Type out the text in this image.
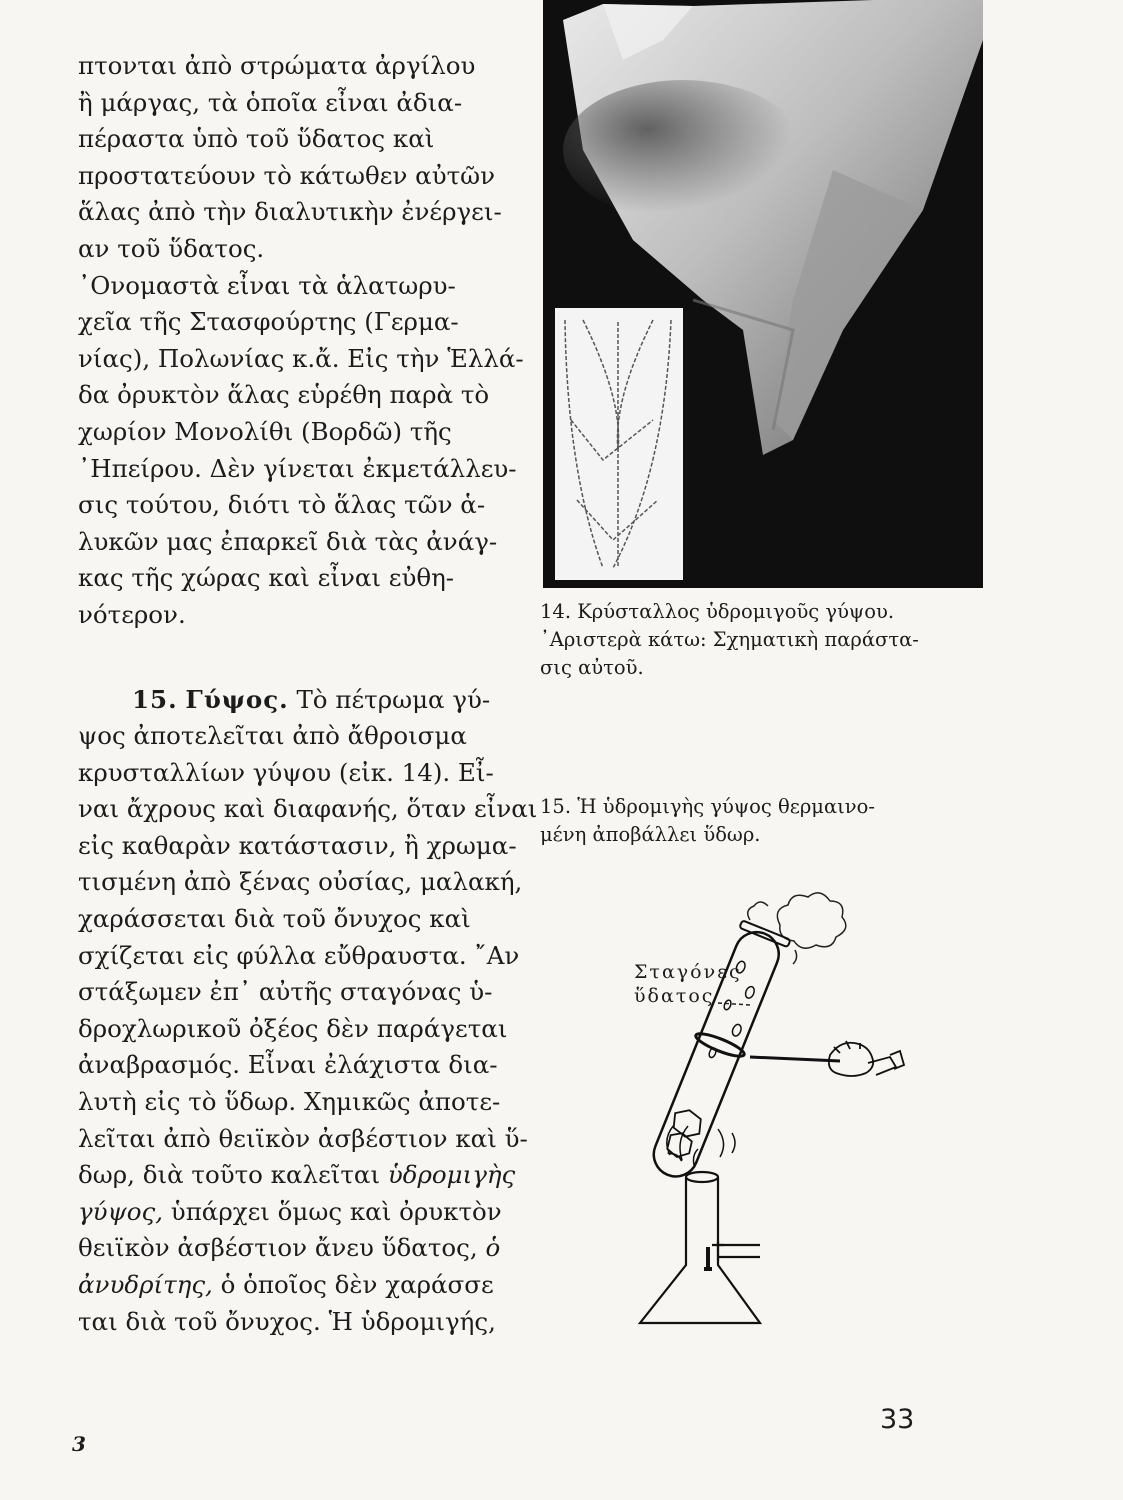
πτονται ἀπὸ στρώματα ἀργίλου
ἢ μάργας, τὰ ὁποῖα εἶναι ἀδια-
πέραστα ὑπὸ τοῦ ὕδατος καὶ
προστατεύουν τὸ κάτωθεν αὐτῶν
ἅλας ἀπὸ τὴν διαλυτικὴν ἐνέργει-
αν τοῦ ὕδατος.
᾿Ονομαστὰ εἶναι τὰ ἁλατωρυ-
χεῖα τῆς Στασφούρτης (Γερμα-
νίας), Πολωνίας κ.ἄ. Εἰς τὴν Ἑλλά-
δα ὀρυκτὸν ἅλας εὑρέθη παρὰ τὸ
χωρίον Μονολίθι (Βορδῶ) τῆς
᾿Ηπείρου. Δὲν γίνεται ἐκμετάλλευ-
σις τούτου, διότι τὸ ἅλας τῶν ἁ-
λυκῶν μας ἐπαρκεῖ διὰ τὰς ἀνάγ-
κας τῆς χώρας καὶ εἶναι εὐθη-
νότερον.
15. Γύψος. Τὸ πέτρωμα γύ-
ψος ἀποτελεῖται ἀπὸ ἄθροισμα
κρυσταλλίων γύψου (εἰκ. 14). Εἶ-
ναι ἄχρους καὶ διαφανής, ὅταν εἶναι
εἰς καθαρὰν κατάστασιν, ἢ χρωμα-
τισμένη ἀπὸ ξένας οὐσίας, μαλακή,
χαράσσεται διὰ τοῦ ὄνυχος καὶ
σχίζεται εἰς φύλλα εὔθραυστα. ῎Αν
στάξωμεν ἐπ᾿ αὐτῆς σταγόνας ὑ-
δροχλωρικοῦ ὀξέος δὲν παράγεται
ἀναβρασμός. Εἶναι ἐλάχιστα δια-
λυτὴ εἰς τὸ ὕδωρ. Χημικῶς ἀποτε-
λεῖται ἀπὸ θειϊκὸν ἀσβέστιον καὶ ὕ-
δωρ, διὰ τοῦτο καλεῖται ὑδρομιγὴς
γύψος, ὑπάρχει ὅμως καὶ ὀρυκτὸν
θειϊκὸν ἀσβέστιον ἄνευ ὕδατος, ὁ
ἀνυδρίτης, ὁ ὁποῖος δὲν χαράσσε
ται διὰ τοῦ ὄνυχος. Ἡ ὑδρομιγής,
14. Κρύσταλλος ὑδρομιγοῦς γύψου.
᾿Αριστερὰ κάτω: Σχηματικὴ παράστα-
σις αὐτοῦ.
15. Ἡ ὑδρομιγὴς γύψος θερμαινο-
μένη ἀποβάλλει ὕδωρ.
Σταγόνες
ὕδατος
33
3
